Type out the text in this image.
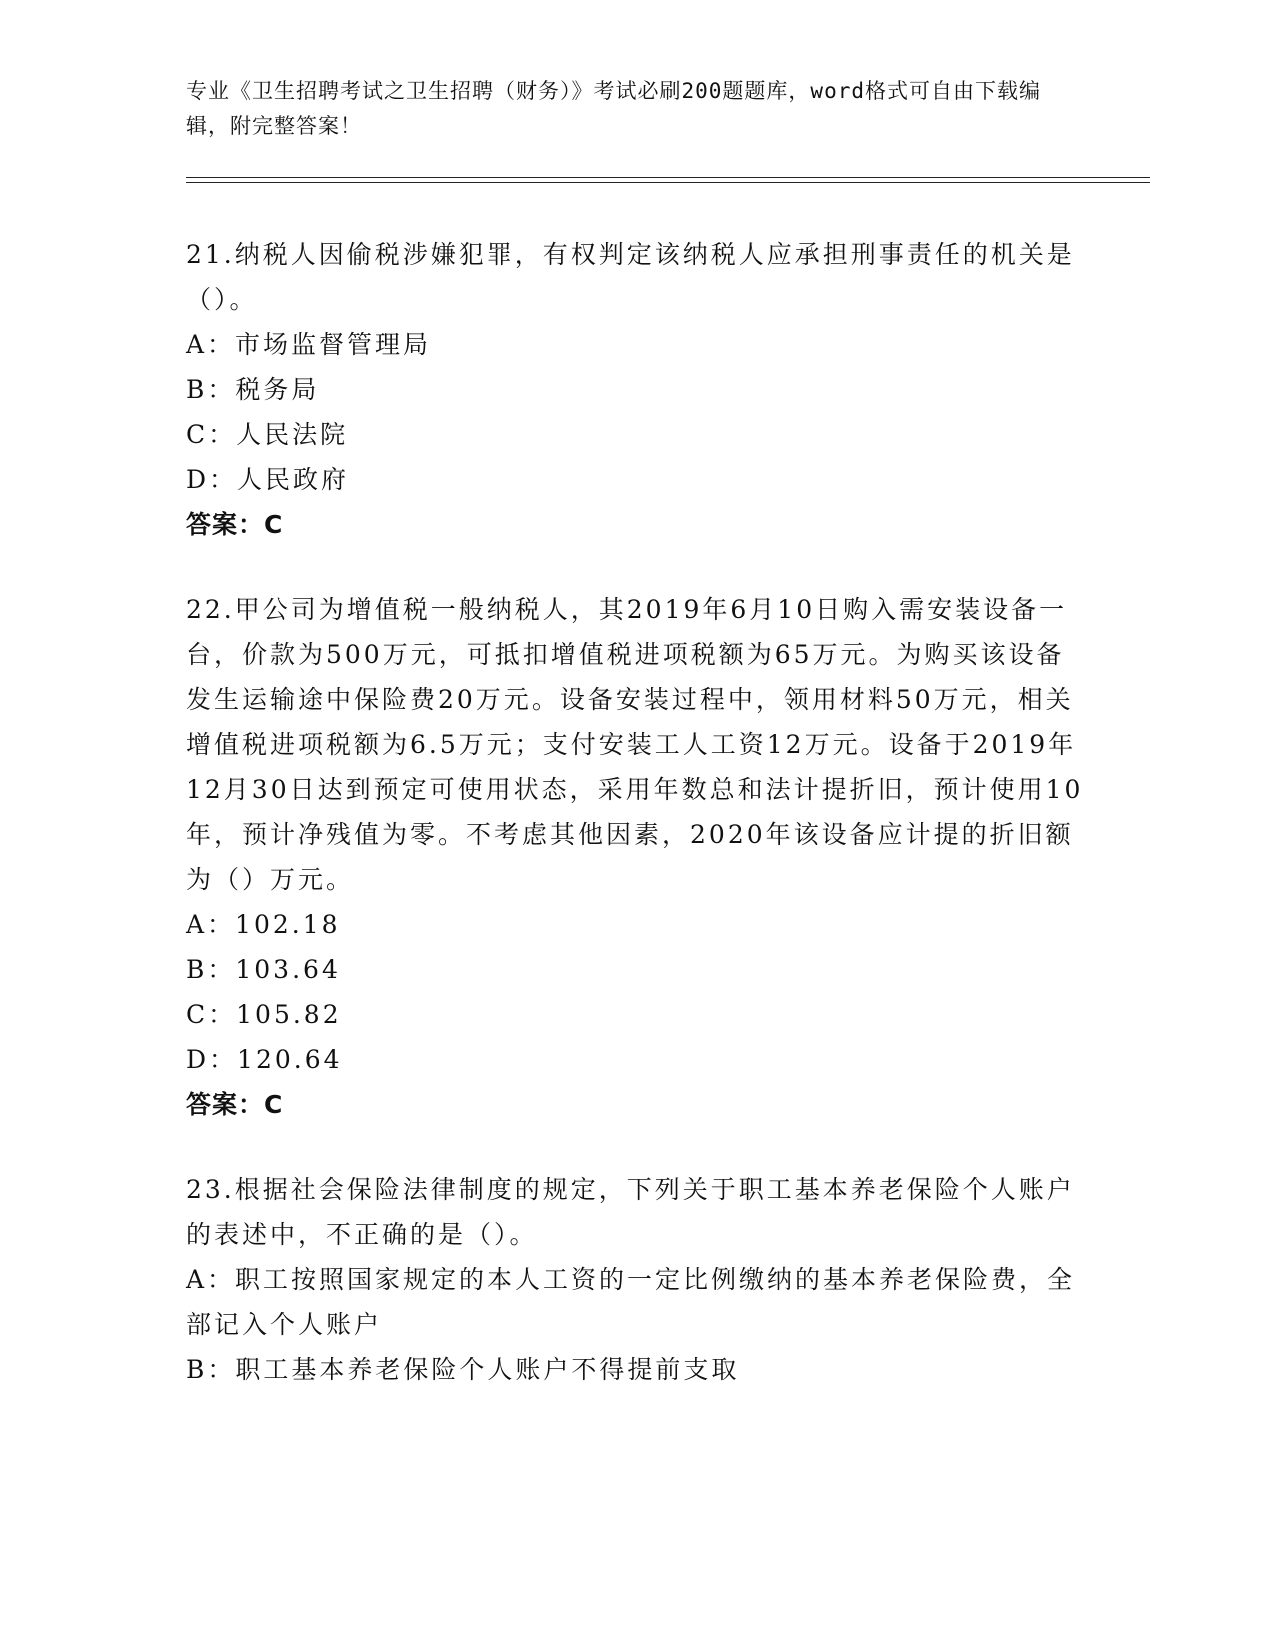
专业《卫生招聘考试之卫生招聘（财务）》考试必刷200题题库，word格式可自由下载编辑，附完整答案！
21.纳税人因偷税涉嫌犯罪，有权判定该纳税人应承担刑事责任的机关是（）。
A：市场监督管理局
B：税务局
C：人民法院
D：人民政府
答案：C
22.甲公司为增值税一般纳税人，其2019年6月10日购入需安装设备一台，价款为500万元，可抵扣增值税进项税额为65万元。为购买该设备发生运输途中保险费20万元。设备安装过程中，领用材料50万元，相关增值税进项税额为6.5万元；支付安装工人工资12万元。设备于2019年12月30日达到预定可使用状态，采用年数总和法计提折旧，预计使用10年，预计净残值为零。不考虑其他因素，2020年该设备应计提的折旧额为（）万元。
A：102.18
B：103.64
C：105.82
D：120.64
答案：C
23.根据社会保险法律制度的规定，下列关于职工基本养老保险个人账户的表述中，不正确的是（）。
A：职工按照国家规定的本人工资的一定比例缴纳的基本养老保险费，全部记入个人账户
B：职工基本养老保险个人账户不得提前支取
